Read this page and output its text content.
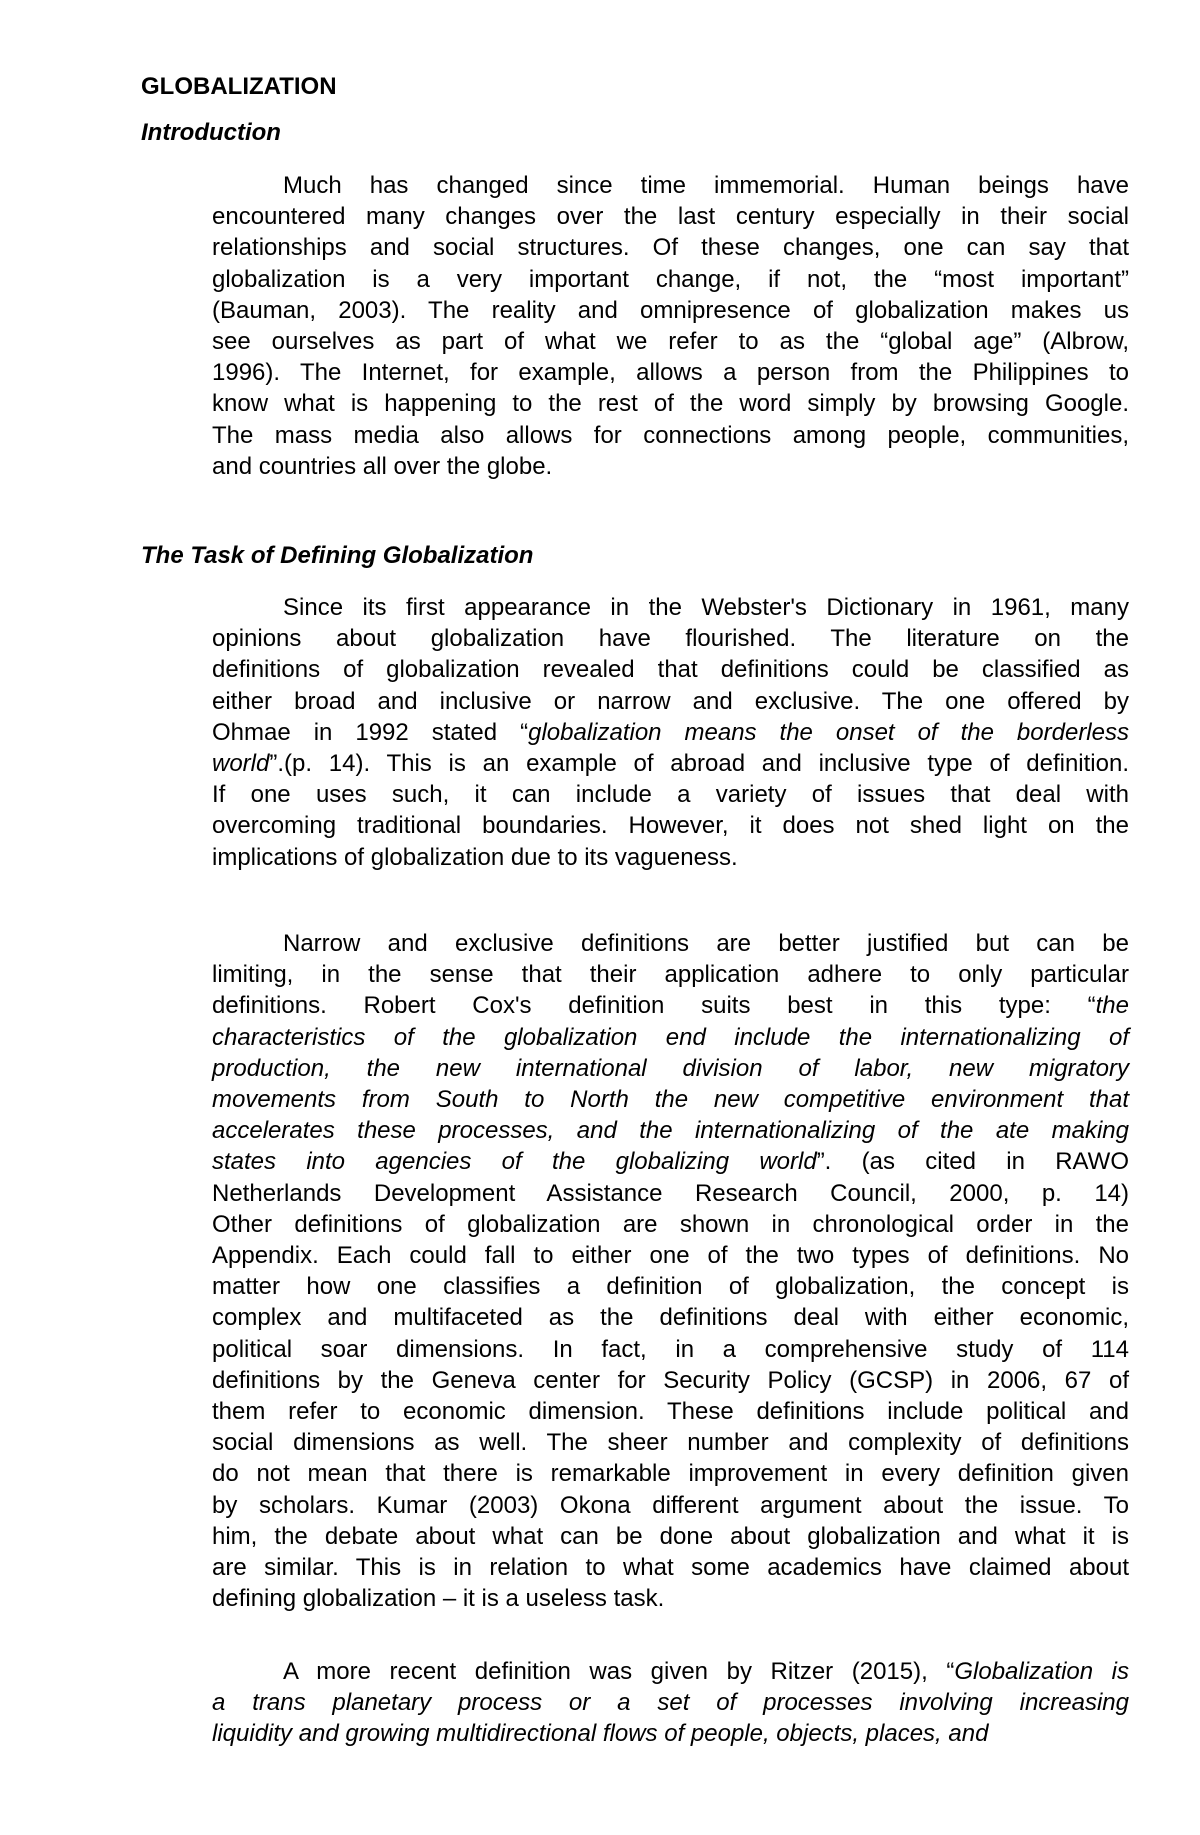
GLOBALIZATION
Introduction
Much has changed since time immemorial. Human beings have
encountered many changes over the last century especially in their social
relationships and social structures. Of these changes, one can say that
globalization is a very important change, if not, the “most important”
(Bauman, 2003). The reality and omnipresence of globalization makes us
see ourselves as part of what we refer to as the “global age” (Albrow,
1996). The Internet, for example, allows a person from the Philippines to
know what is happening to the rest of the word simply by browsing Google.
The mass media also allows for connections among people, communities,
and countries all over the globe.
The Task of Defining Globalization
Since its first appearance in the Webster's Dictionary in 1961, many
opinions about globalization have flourished. The literature on the
definitions of globalization revealed that definitions could be classified as
either broad and inclusive or narrow and exclusive. The one offered by
Ohmae in 1992 stated “globalization means the onset of the borderless
world”.(p. 14). This is an example of abroad and inclusive type of definition.
If one uses such, it can include a variety of issues that deal with
overcoming traditional boundaries. However, it does not shed light on the
implications of globalization due to its vagueness.
Narrow and exclusive definitions are better justified but can be
limiting, in the sense that their application adhere to only particular
definitions. Robert Cox's definition suits best in this type: “the
characteristics of the globalization end include the internationalizing of
production, the new international division of labor, new migratory
movements from South to North the new competitive environment that
accelerates these processes, and the internationalizing of the ate making
states into agencies of the globalizing world”. (as cited in RAWO
Netherlands Development Assistance Research Council, 2000, p. 14)
Other definitions of globalization are shown in chronological order in the
Appendix. Each could fall to either one of the two types of definitions. No
matter how one classifies a definition of globalization, the concept is
complex and multifaceted as the definitions deal with either economic,
political soar dimensions. In fact, in a comprehensive study of 114
definitions by the Geneva center for Security Policy (GCSP) in 2006, 67 of
them refer to economic dimension. These definitions include political and
social dimensions as well. The sheer number and complexity of definitions
do not mean that there is remarkable improvement in every definition given
by scholars. Kumar (2003) Okona different argument about the issue. To
him, the debate about what can be done about globalization and what it is
are similar. This is in relation to what some academics have claimed about
defining globalization – it is a useless task.
A more recent definition was given by Ritzer (2015), “Globalization is
a trans planetary process or a set of processes involving increasing
liquidity and growing multidirectional flows of people, objects, places, and
